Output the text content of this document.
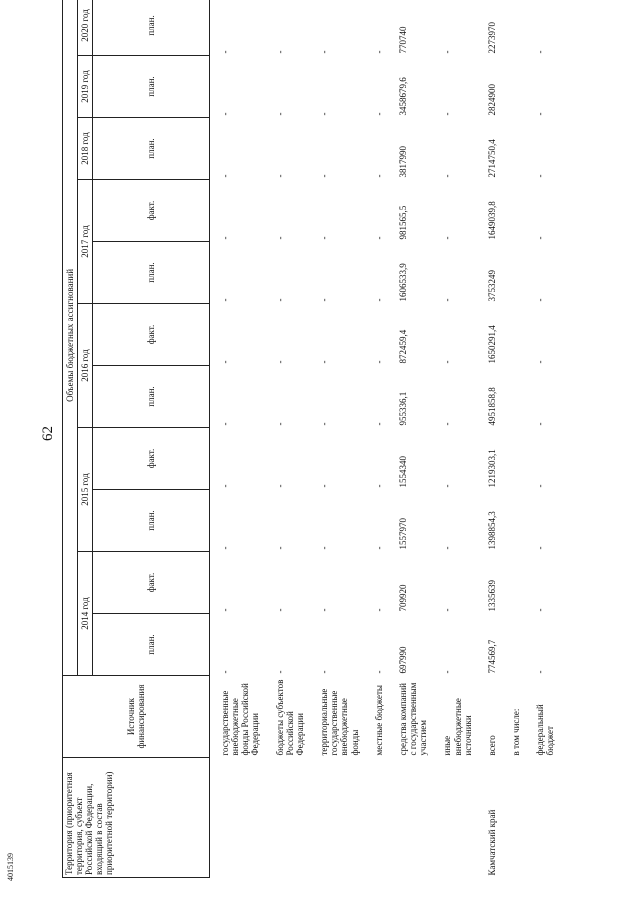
62
4015139	Территория (приоритетная территория, субъект Российской Федерации, входящий в состав приоритетной территории)	Источник финансирования	Объемы бюджетных ассигнований										
		2014 год		2015 год		2016 год		2017 год		2018 год	2019 год	2020 год
		план.	факт.	план.	факт.	план.	факт.	план.	факт.	план.	план.	план.
	государственные внебюджетные фонды Российской Федерации	-	-	-	-	-	-	-	-	-	-	-
	бюджеты субъектов Российской Федерации	-	-	-	-	-	-	-	-	-	-	-
	территориальные государственные внебюджетные фонды	-	-	-	-	-	-	-	-	-	-	-
	местные бюджеты	-	-	-	-	-	-	-	-	-	-	-
	средства компаний с государственным участием	697990	709920	1557970	1554340	955336,1	872459,4	1606533,9	981565,5	3817990	3458679,6	770740
	иные внебюджетные источники	-	-	-	-	-	-	-	-	-	-	-
Камчатский край	всего	774569,7	1335639	1398854,3	1219303,1	4951858,8	1650291,4	3753249	1649039,8	2714750,4	2824900	2273970
	в том числе:											
	федеральный бюджет	-	-	-	-	-	-	-	-	-	-	-
